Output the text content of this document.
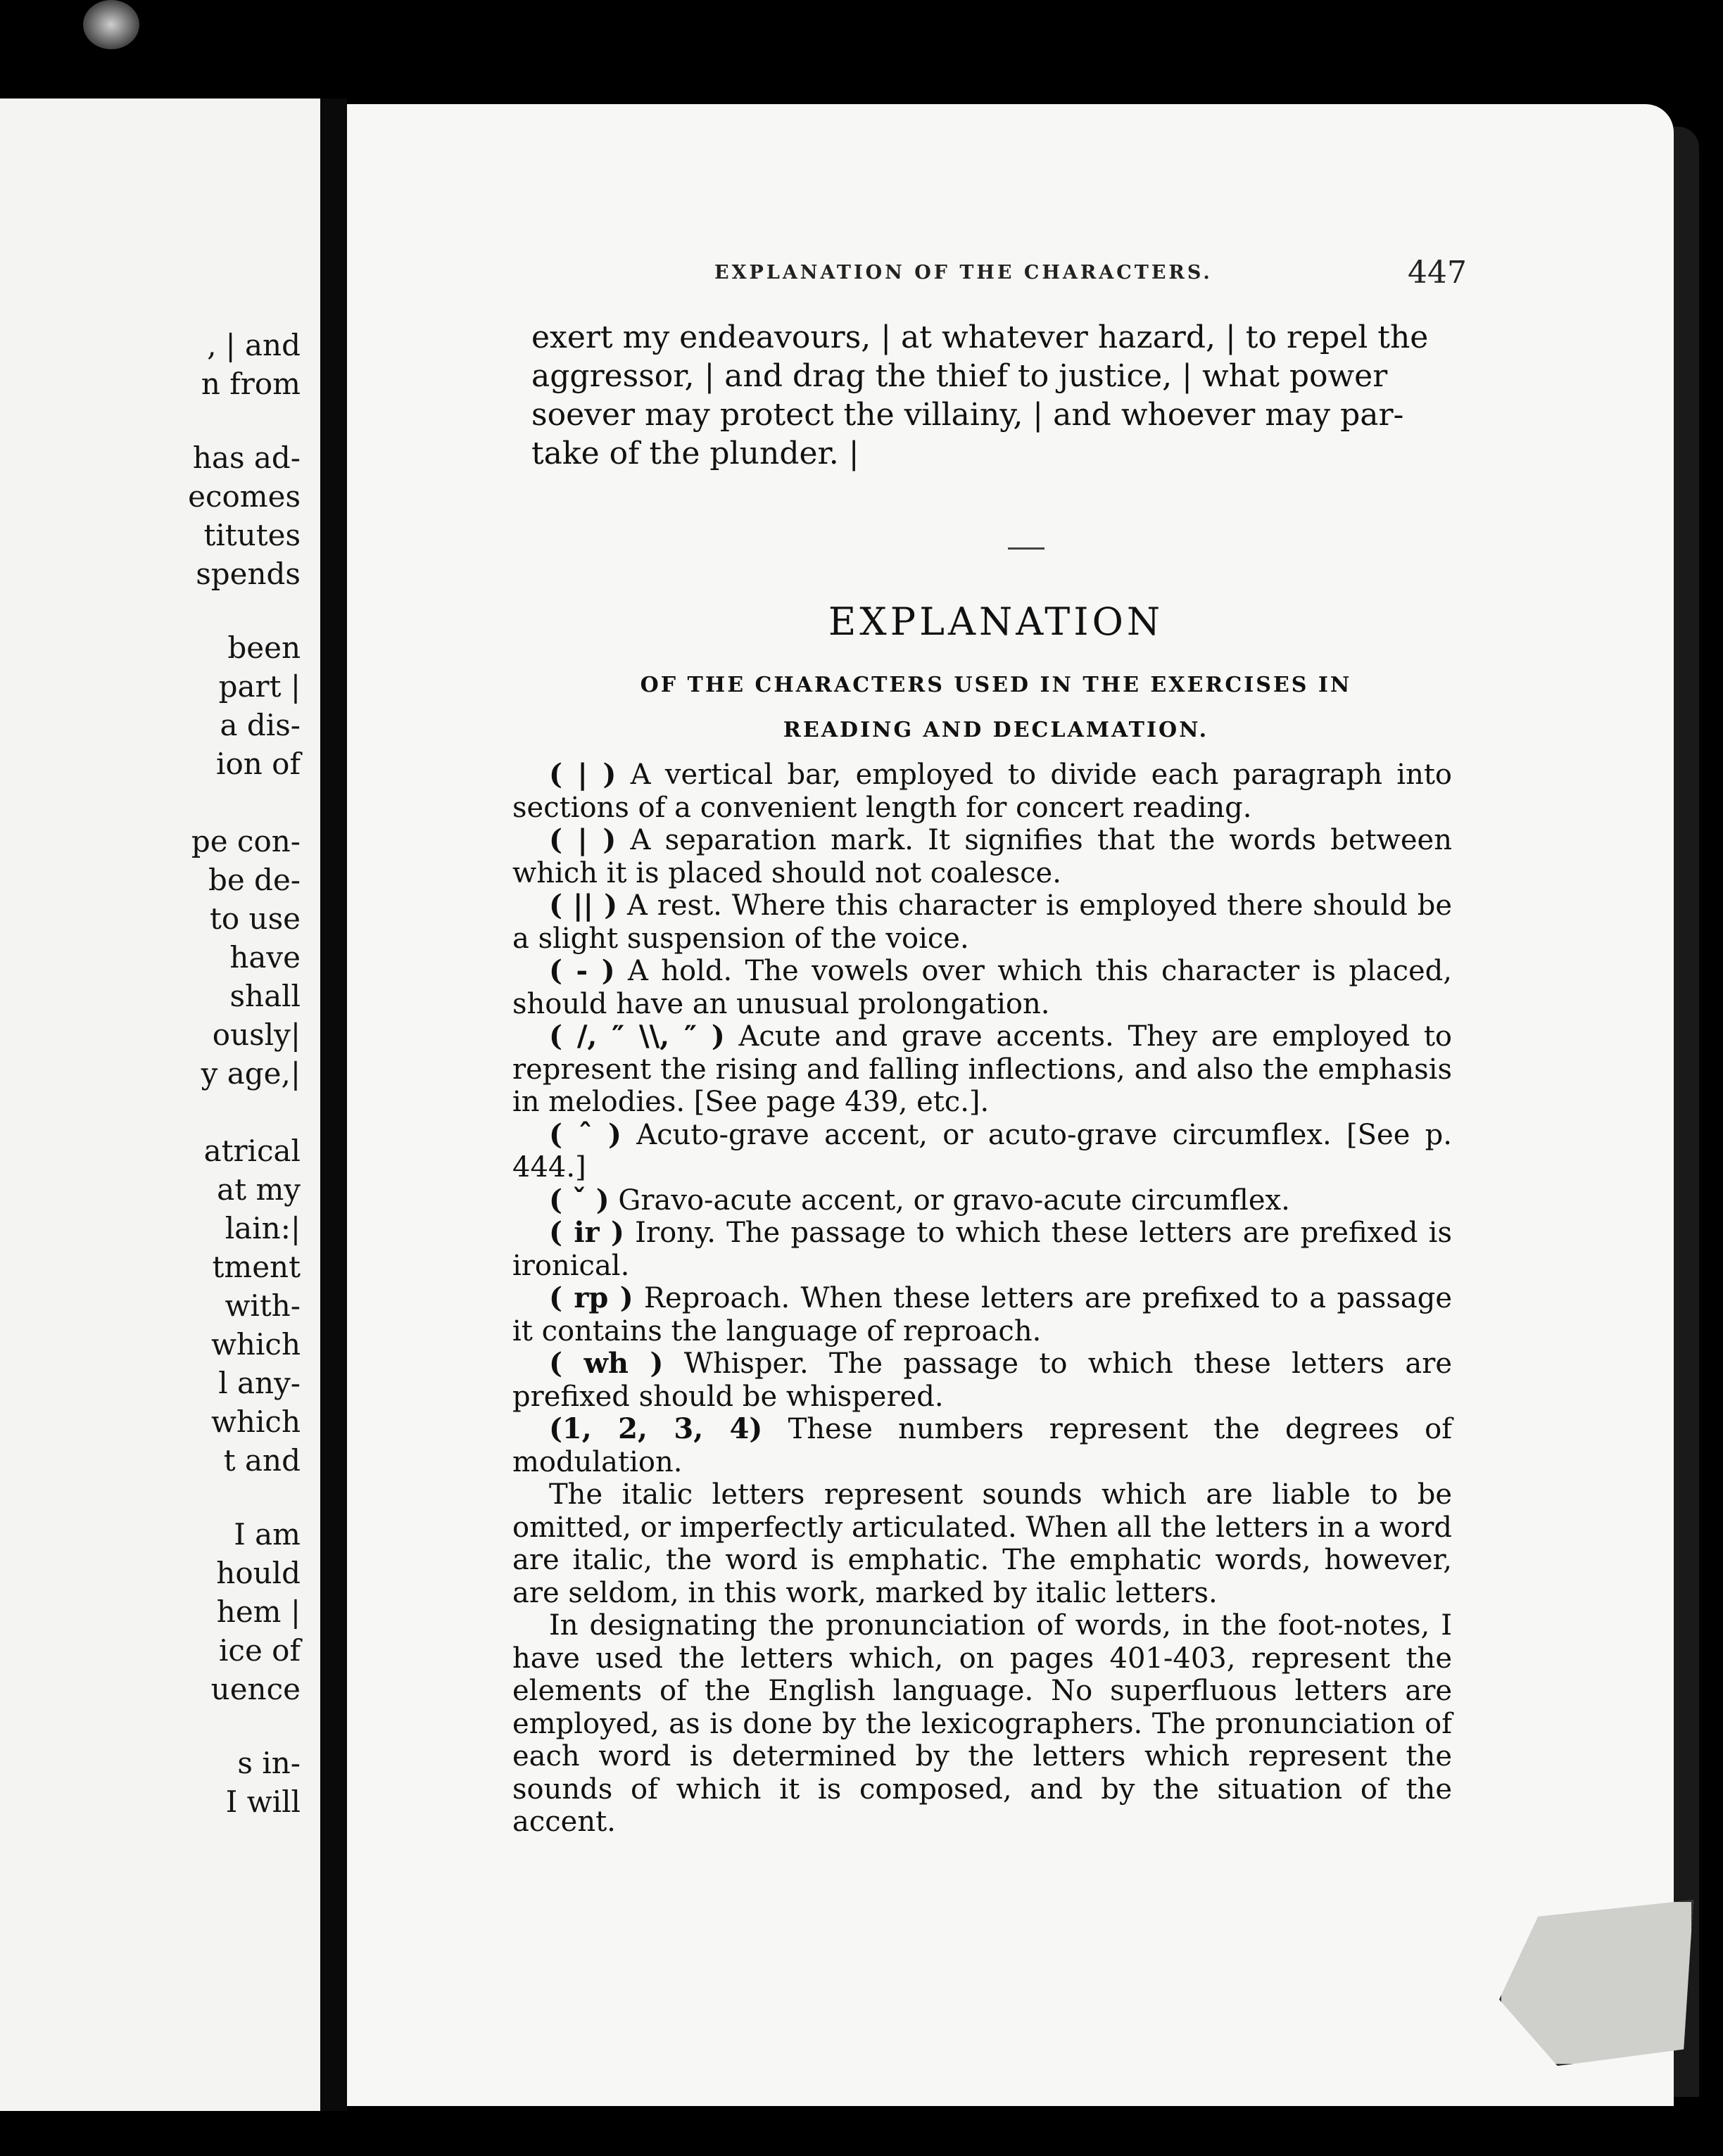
‚ | and
n from
has ad-
ecomes
titutes
spends
been
part |
a dis-
ion of
pe con-
be de-
to use
have
shall
ously|
y age,|
atrical
at my
lain:|
tment
with-
which
l any-
which
t and
I am
hould
hem |
ice of
uence
s in-
I will
EXPLANATION OF THE CHARACTERS.	447

exert my endeavours, | at whatever hazard, | to repel the

aggressor, | and drag the thief to justice, | what power

soever may protect the villainy, | and whoever may par-

take of the plunder. |

EXPLANATION
OF THE CHARACTERS USED IN THE EXERCISES IN
READING AND DECLAMATION.

( | ) A vertical bar, employed to divide each paragraph into sections of a convenient length for concert reading.

( | ) A separation mark. It signifies that the words between which it is placed should not coalesce.

( || ) A rest. Where this character is employed there should be a slight suspension of the voice.

( - ) A hold. The vowels over which this character is placed, should have an unusual prolongation.

( /, ″ \\, ″ ) Acute and grave accents. They are employed to represent the rising and falling inflections, and also the emphasis in melodies. [See page 439, etc.].

( ˆ ) Acuto-grave accent, or acuto-grave circumflex. [See p. 444.]

( ˇ ) Gravo-acute accent, or gravo-acute circumflex.

( ir ) Irony. The passage to which these letters are prefixed is ironical.

( rp ) Reproach. When these letters are prefixed to a passage it contains the language of reproach.

( wh ) Whisper. The passage to which these letters are prefixed should be whispered.

(1, 2, 3, 4) These numbers represent the degrees of modulation.

The italic letters represent sounds which are liable to be omitted, or imperfectly articulated. When all the letters in a word are italic, the word is emphatic. The emphatic words, however, are seldom, in this work, marked by italic letters.

In designating the pronunciation of words, in the foot-notes, I have used the letters which, on pages 401-403, represent the elements of the English language. No superfluous letters are employed, as is done by the lexicographers. The pronunciation of each word is determined by the letters which represent the sounds of which it is composed, and by the situation of the accent.
